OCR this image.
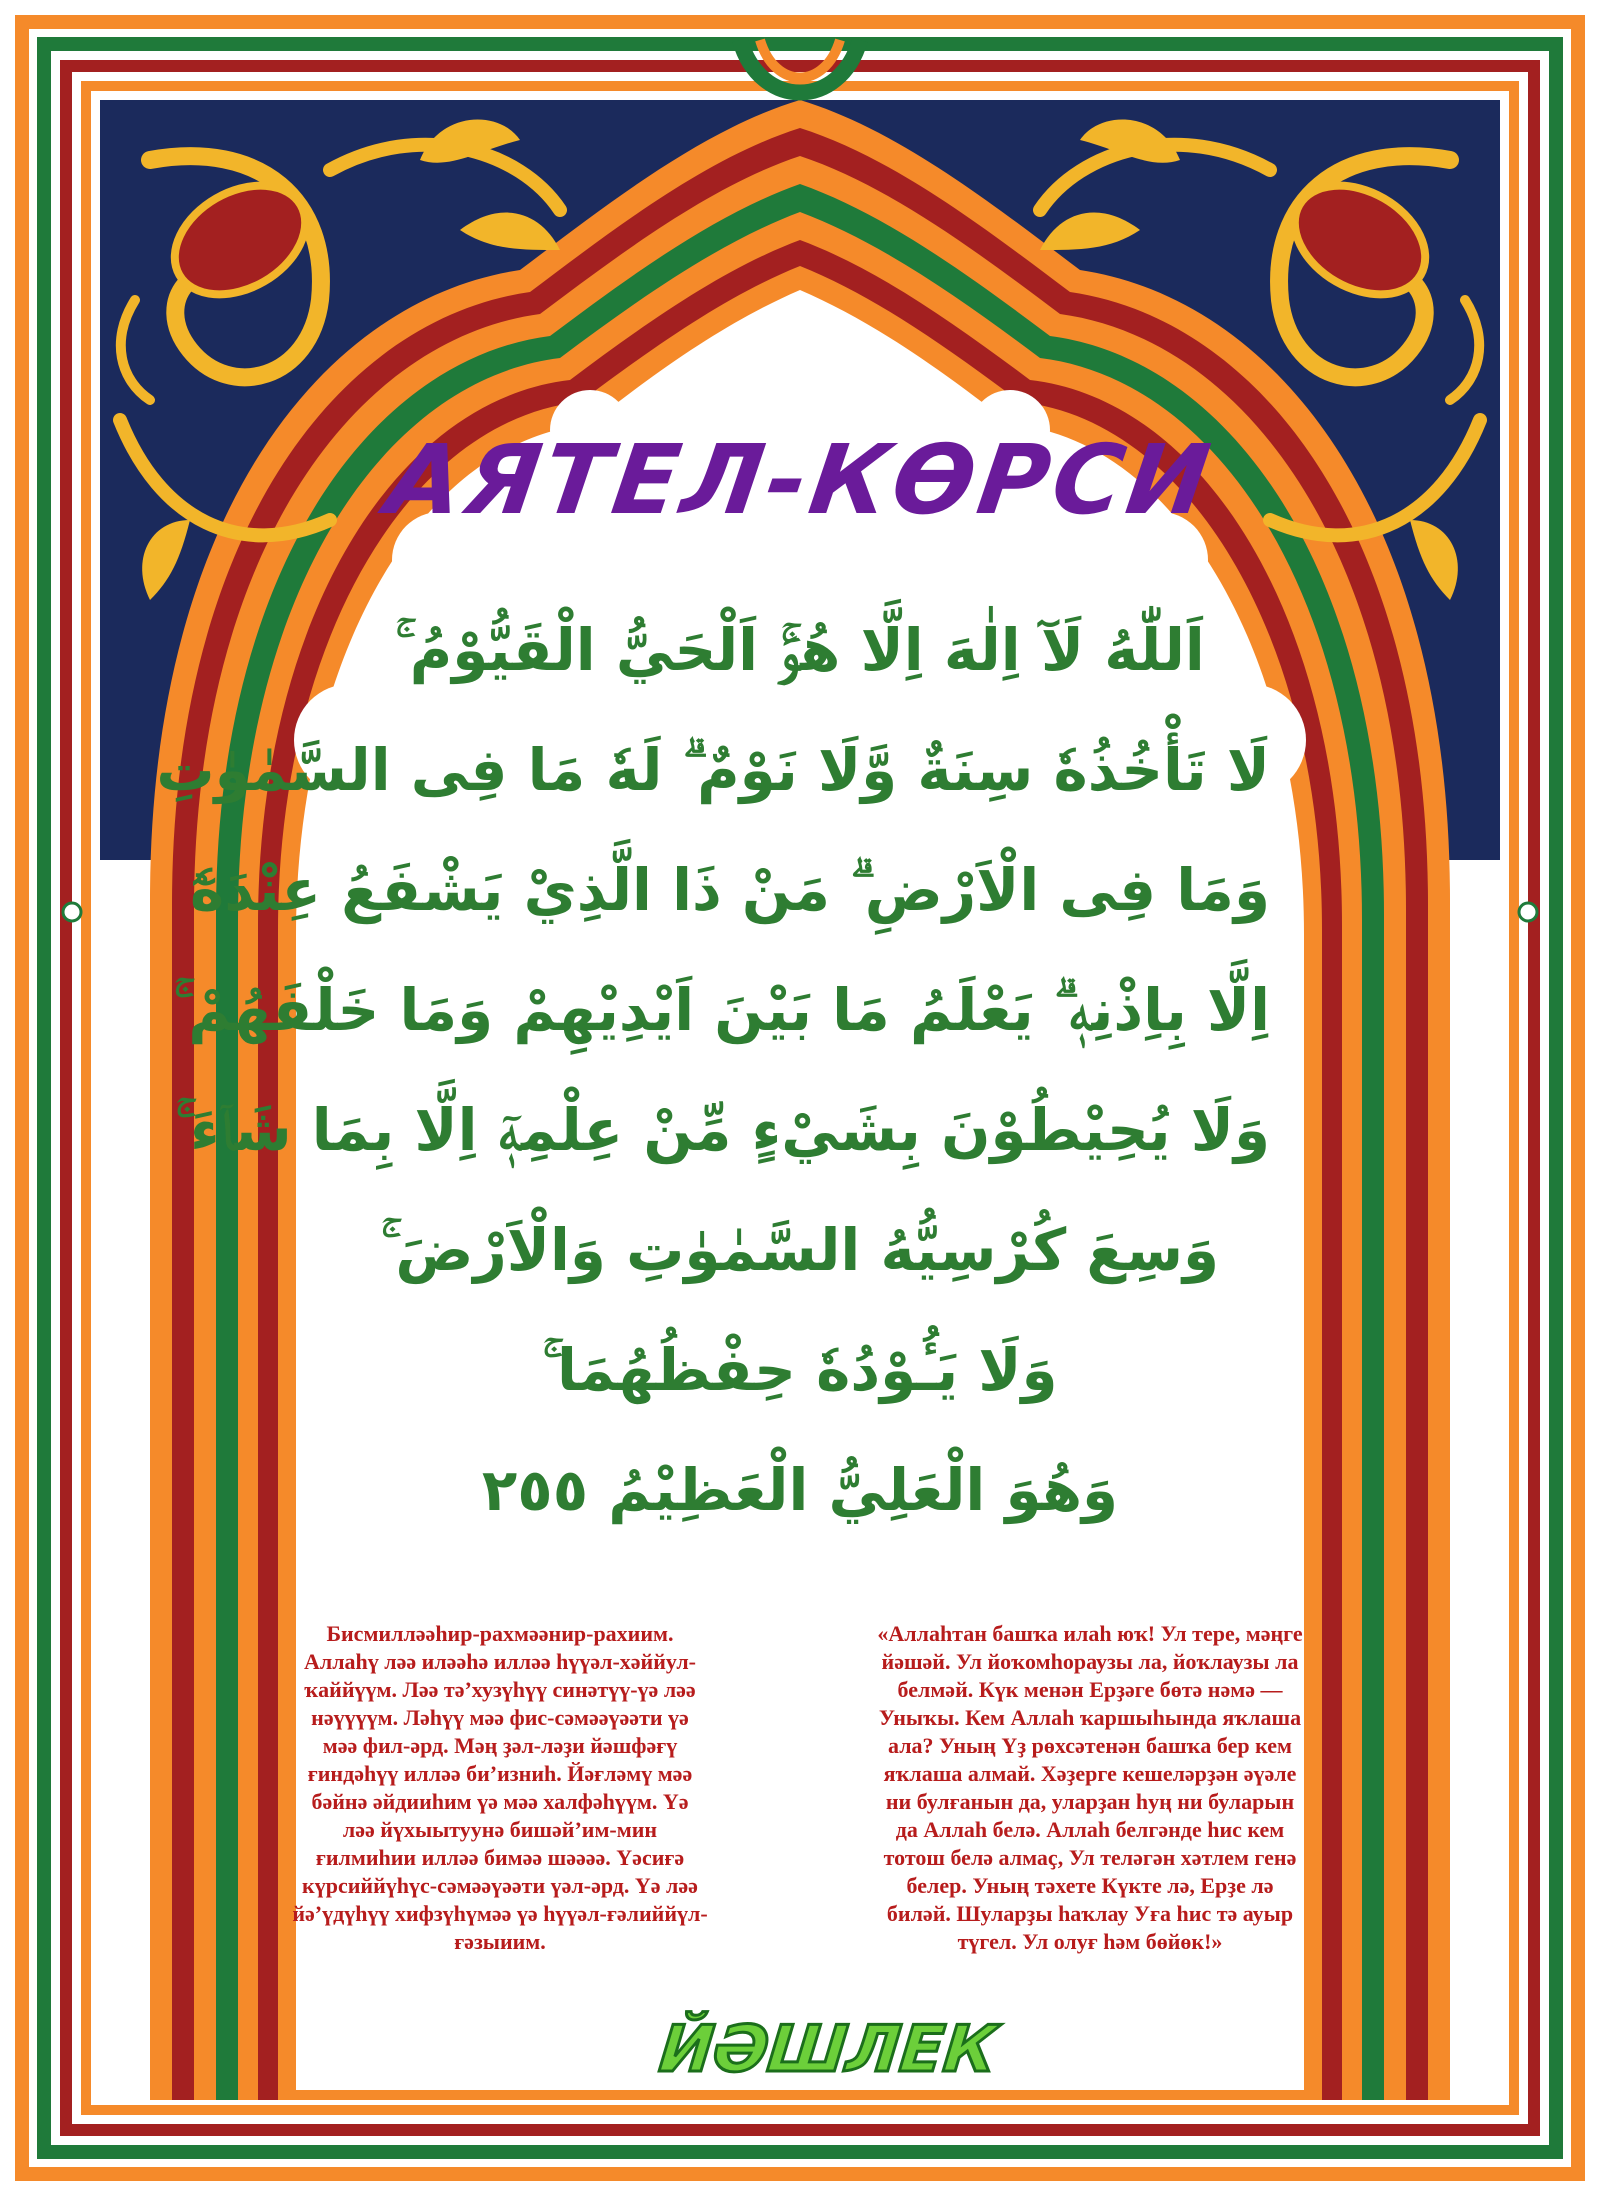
АЯТЕЛ-КӨРСИ
اَللّٰهُ لَآ اِلٰهَ اِلَّا هُوَۚ اَلْحَيُّ الْقَيُّوْمُ ۚ
لَا تَأْخُذُهٗ سِنَةٌ وَّلَا نَوْمٌ ۗ لَهٗ مَا فِى السَّمٰوٰتِ
وَمَا فِى الْاَرْضِ ۗ مَنْ ذَا الَّذِيْ يَشْفَعُ عِنْدَهٗٓ
اِلَّا بِاِذْنِهٖ ۗ يَعْلَمُ مَا بَيْنَ اَيْدِيْهِمْ وَمَا خَلْفَهُمْ ۚ
وَلَا يُحِيْطُوْنَ بِشَيْءٍ مِّنْ عِلْمِهٖٓ اِلَّا بِمَا شَاۤءَ ۚ
وَسِعَ كُرْسِيُّهُ السَّمٰوٰتِ وَالْاَرْضَ ۚ
وَلَا يَـُٔوْدُهٗ حِفْظُهُمَا ۚ
وَهُوَ الْعَلِيُّ الْعَظِيْمُ ٢٥٥
Бисмилләәһир-рахмәәнир-рахиим.
Аллаһү ләә иләәһә илләә һүүәл-хәййул-
ҡаййүүм. Ләә тә’хузүһүү синәтүү-үә ләә
нәүүүүм. Ләһүү мәә фис-сәмәәүәәти үә
мәә фил-әрд. Мәң ҙәл-ләҙи йәшфәғү
ғиндәһүү илләә би’изниһ. Йәғләмү мәә
бәйнә әйдииһим үә мәә халфәһүүм. Үә
ләә йүхыытуунә бишәй’им-мин
ғилмиһии илләә бимәә шәәәә. Үәсиғә
күрсиййүһүс-сәмәәүәәти үәл-әрд. Үә ләә
йә’үдүһүү хифзүһүмәә үә һүүәл-ғәлиййүл-
ғәзыиим.
«Аллаһтан башҡа илаһ юҡ! Ул тере, мәңге
йәшәй. Ул йоҡомһораузы ла, йоҡлаузы ла
белмәй. Күк менән Ерҙәге бөтә нәмә —
Уныҡы. Кем Аллаһ ҡаршыһында яҡлаша
ала? Уның Үҙ рөхсәтенән башҡа бер кем
яҡлаша алмай. Хәҙерге кешеләрҙән әүәле
ни булғанын да, уларҙан һуң ни буларын
да Аллаһ белә. Аллаһ белгәнде һис кем
тотош белә алмаҫ, Ул теләгән хәтлем генә
белер. Уның тәхете Күкте лә, Ерҙе лә
биләй. Шуларҙы һаҡлау Уға һис тә ауыр
түгел. Ул олуғ һәм бөйөк!»
ЙӘШЛЕК
